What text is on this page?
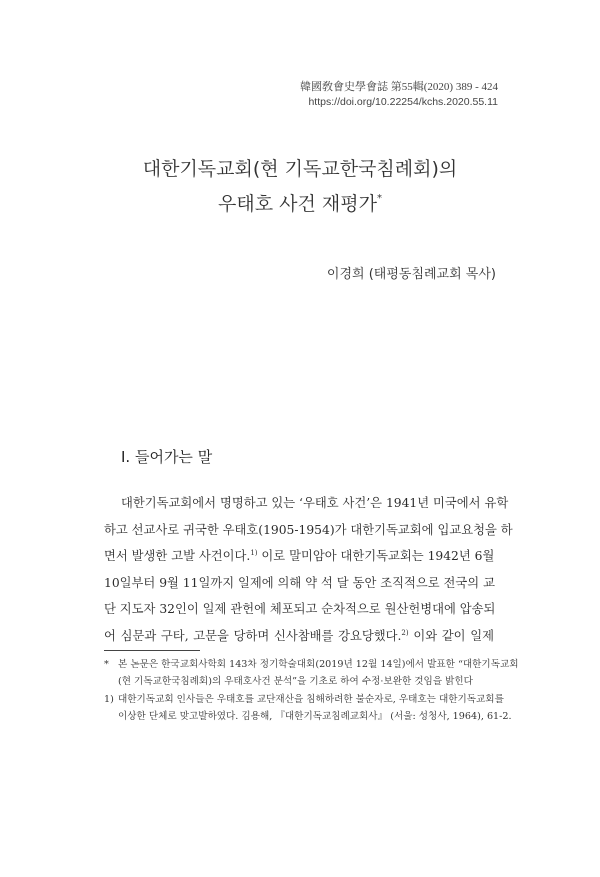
韓國敎會史學會誌 第55輯(2020) 389 - 424
https://doi.org/10.22254/kchs.2020.55.11
대한기독교회(현 기독교한국침례회)의
우태호 사건 재평가*
이경희 (태평동침례교회 목사)
I. 들어가는 말
대한기독교회에서 명명하고 있는 ‘우태호 사건’은 1941년 미국에서 유학
하고 선교사로 귀국한 우태호(1905-1954)가 대한기독교회에 입교요청을 하
면서 발생한 고발 사건이다.$^{1)}$ 이로 말미암아 대한기독교회는 1942년 6월
10일부터 9월 11일까지 일제에 의해 약 석 달 동안 조직적으로 전국의 교
단 지도자 32인이 일제 관헌에 체포되고 순차적으로 원산헌병대에 압송되
어 심문과 구타, 고문을 당하며 신사참배를 강요당했다.$^{2)}$ 이와 같이 일제
* 본 논문은 한국교회사학회 143차 정기학술대회(2019년 12월 14일)에서 발표한 “대한기독교회
(현 기독교한국침례회)의 우태호사건 분석”을 기초로 하여 수정·보완한 것임을 밝힌다
1) 대한기독교회 인사들은 우태호를 교단재산을 침해하려한 불순자로, 우태호는 대한기독교회를
이상한 단체로 맞고발하였다. 김용해, 『대한기독교침례교회사』 (서울: 성청사, 1964), 61-2.
